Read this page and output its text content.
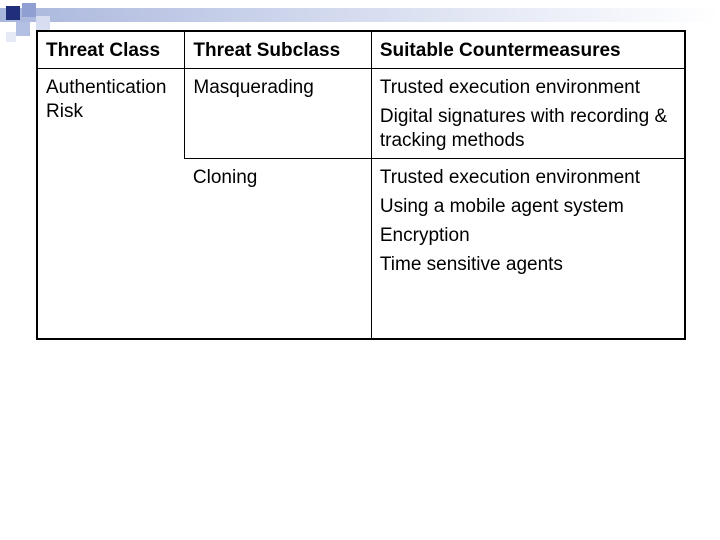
Threat Class	Threat Subclass	Suitable Countermeasures

Authentication Risk	Masquerading	Trusted execution environment
Digital signatures with recording & tracking methods

	Cloning	Trusted execution environment
Using a mobile agent system
Encryption
Time sensitive agents
